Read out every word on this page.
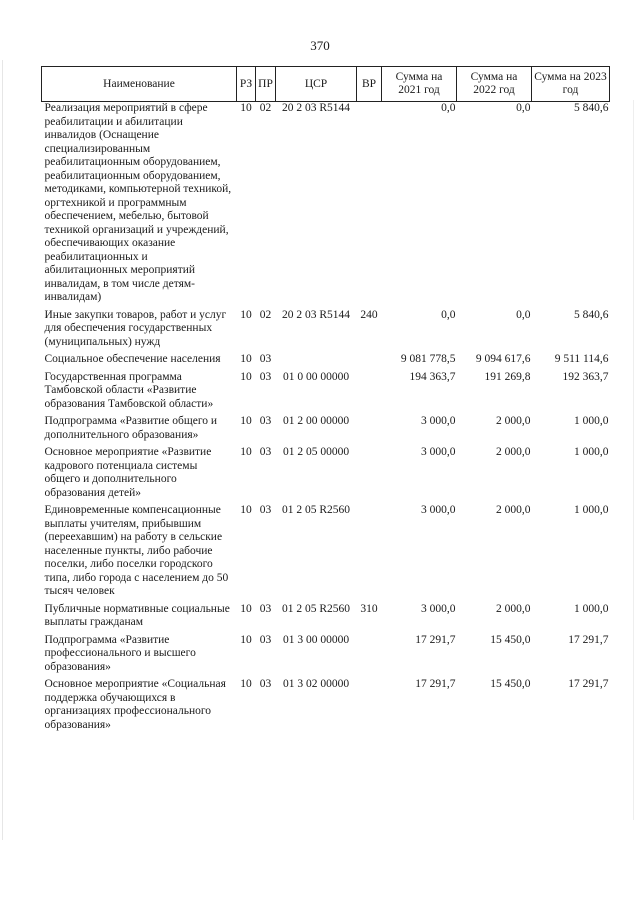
370
Наименование	РЗ	ПР	ЦСР	ВР	Сумма на 2021 год	Сумма на 2022 год	Сумма на 2023 год
Реализация мероприятий в сфере реабилитации и абилитации инвалидов (Оснащение специализированным реабилитационным оборудованием, реабилитационным оборудованием, методиками, компьютерной техникой, оргтехникой и программным обеспечением, мебелью, бытовой техникой организаций и учреждений, обеспечивающих оказание реабилитационных и абилитационных мероприятий инвалидам, в том числе детям-инвалидам)	10	02	20 2 03 R5144		0,0	0,0	5 840,6
Иные закупки товаров, работ и услуг для обеспечения государственных (муниципальных) нужд	10	02	20 2 03 R5144	240	0,0	0,0	5 840,6
Социальное обеспечение населения	10	03			9 081 778,5	9 094 617,6	9 511 114,6
Государственная программа Тамбовской области «Развитие образования Тамбовской области»	10	03	01 0 00 00000		194 363,7	191 269,8	192 363,7
Подпрограмма «Развитие общего и дополнительного образования»	10	03	01 2 00 00000		3 000,0	2 000,0	1 000,0
Основное мероприятие «Развитие кадрового потенциала системы общего и дополнительного образования детей»	10	03	01 2 05 00000		3 000,0	2 000,0	1 000,0
Единовременные компенсационные выплаты учителям, прибывшим (переехавшим) на работу в сельские населенные пункты, либо рабочие поселки, либо поселки городского типа, либо города с населением до 50 тысяч человек	10	03	01 2 05 R2560		3 000,0	2 000,0	1 000,0
Публичные нормативные социальные выплаты гражданам	10	03	01 2 05 R2560	310	3 000,0	2 000,0	1 000,0
Подпрограмма «Развитие профессионального и высшего образования»	10	03	01 3 00 00000		17 291,7	15 450,0	17 291,7
Основное мероприятие «Социальная поддержка обучающихся в организациях профессионального образования»	10	03	01 3 02 00000		17 291,7	15 450,0	17 291,7
